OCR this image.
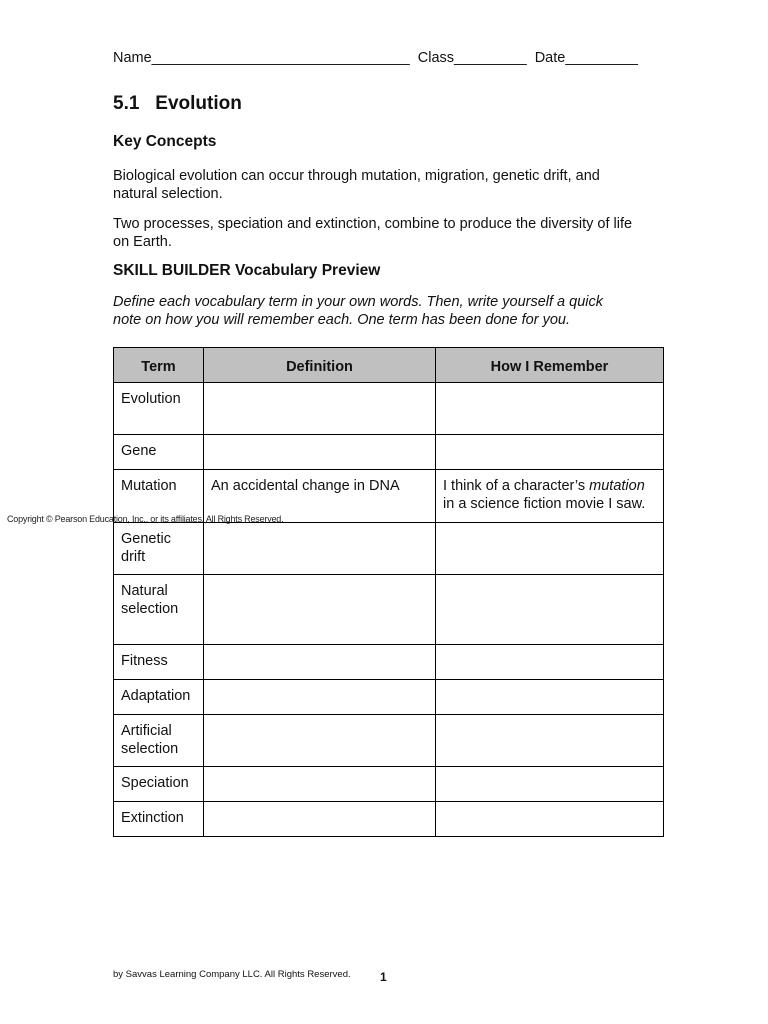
Name________________________________ Class_________ Date_________
5.1 Evolution
Key Concepts
Biological evolution can occur through mutation, migration, genetic drift, and natural selection.
Two processes, speciation and extinction, combine to produce the diversity of life on Earth.
SKILL BUILDER Vocabulary Preview
Define each vocabulary term in your own words. Then, write yourself a quick note on how you will remember each. One term has been done for you.
Copyright © Pearson Education, Inc., or its affiliates. All Rights Reserved.
Term	Definition	How I Remember
Evolution		
Gene		
Mutation	An accidental change in DNA	I think of a character’s mutation in a science fiction movie I saw.
Genetic drift		
Natural selection		
Fitness		
Adaptation		
Artificial selection		
Speciation		
Extinction		
by Savvas Learning Company LLC. All Rights Reserved. 1
